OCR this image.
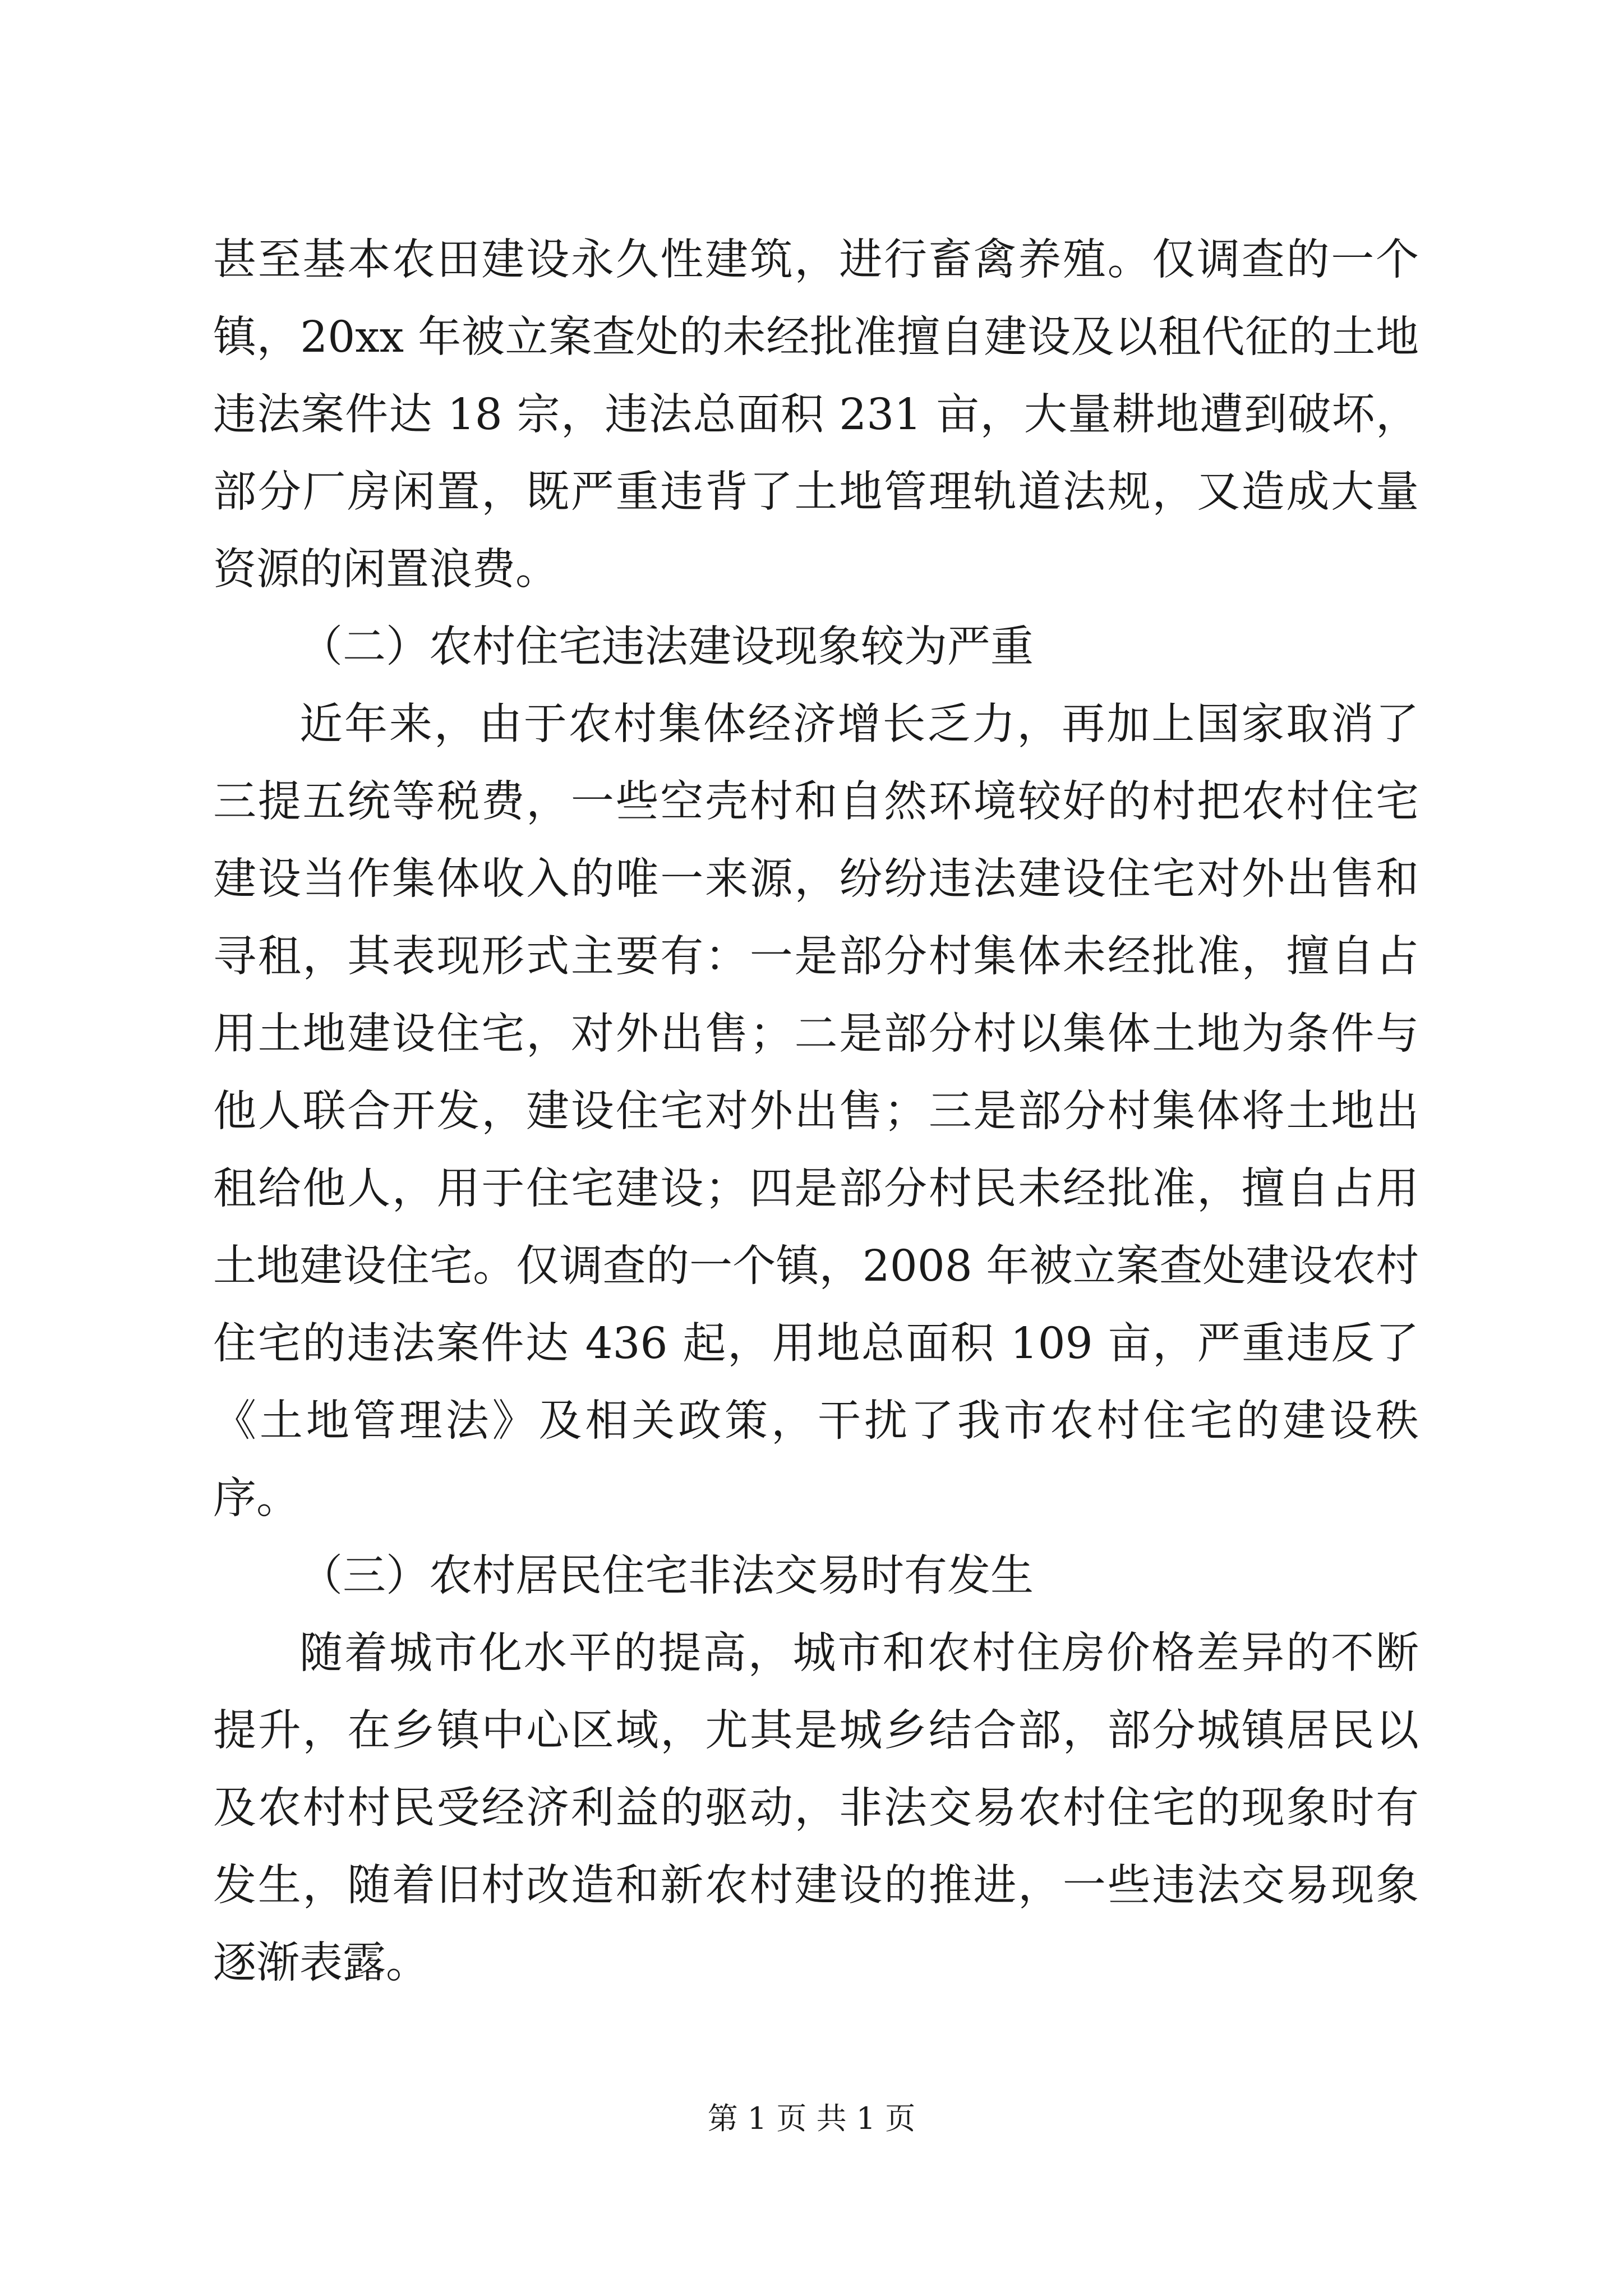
甚至基本农田建设永久性建筑，进行畜禽养殖。仅调查的一个镇，20xx 年被立案查处的未经批准擅自建设及以租代征的土地违法案件达 18 宗，违法总面积 231 亩，大量耕地遭到破坏，部分厂房闲置，既严重违背了土地管理轨道法规，又造成大量资源的闲置浪费。

（二）农村住宅违法建设现象较为严重

近年来，由于农村集体经济增长乏力，再加上国家取消了三提五统等税费，一些空壳村和自然环境较好的村把农村住宅建设当作集体收入的唯一来源，纷纷违法建设住宅对外出售和寻租，其表现形式主要有：一是部分村集体未经批准，擅自占用土地建设住宅，对外出售；二是部分村以集体土地为条件与他人联合开发，建设住宅对外出售；三是部分村集体将土地出租给他人，用于住宅建设；四是部分村民未经批准，擅自占用土地建设住宅。仅调查的一个镇，2008 年被立案查处建设农村住宅的违法案件达 436 起，用地总面积 109 亩，严重违反了《土地管理法》及相关政策，干扰了我市农村住宅的建设秩序。

（三）农村居民住宅非法交易时有发生

随着城市化水平的提高，城市和农村住房价格差异的不断提升，在乡镇中心区域，尤其是城乡结合部，部分城镇居民以及农村村民受经济利益的驱动，非法交易农村住宅的现象时有发生，随着旧村改造和新农村建设的推进，一些违法交易现象逐渐表露。

第 1 页 共 1 页
